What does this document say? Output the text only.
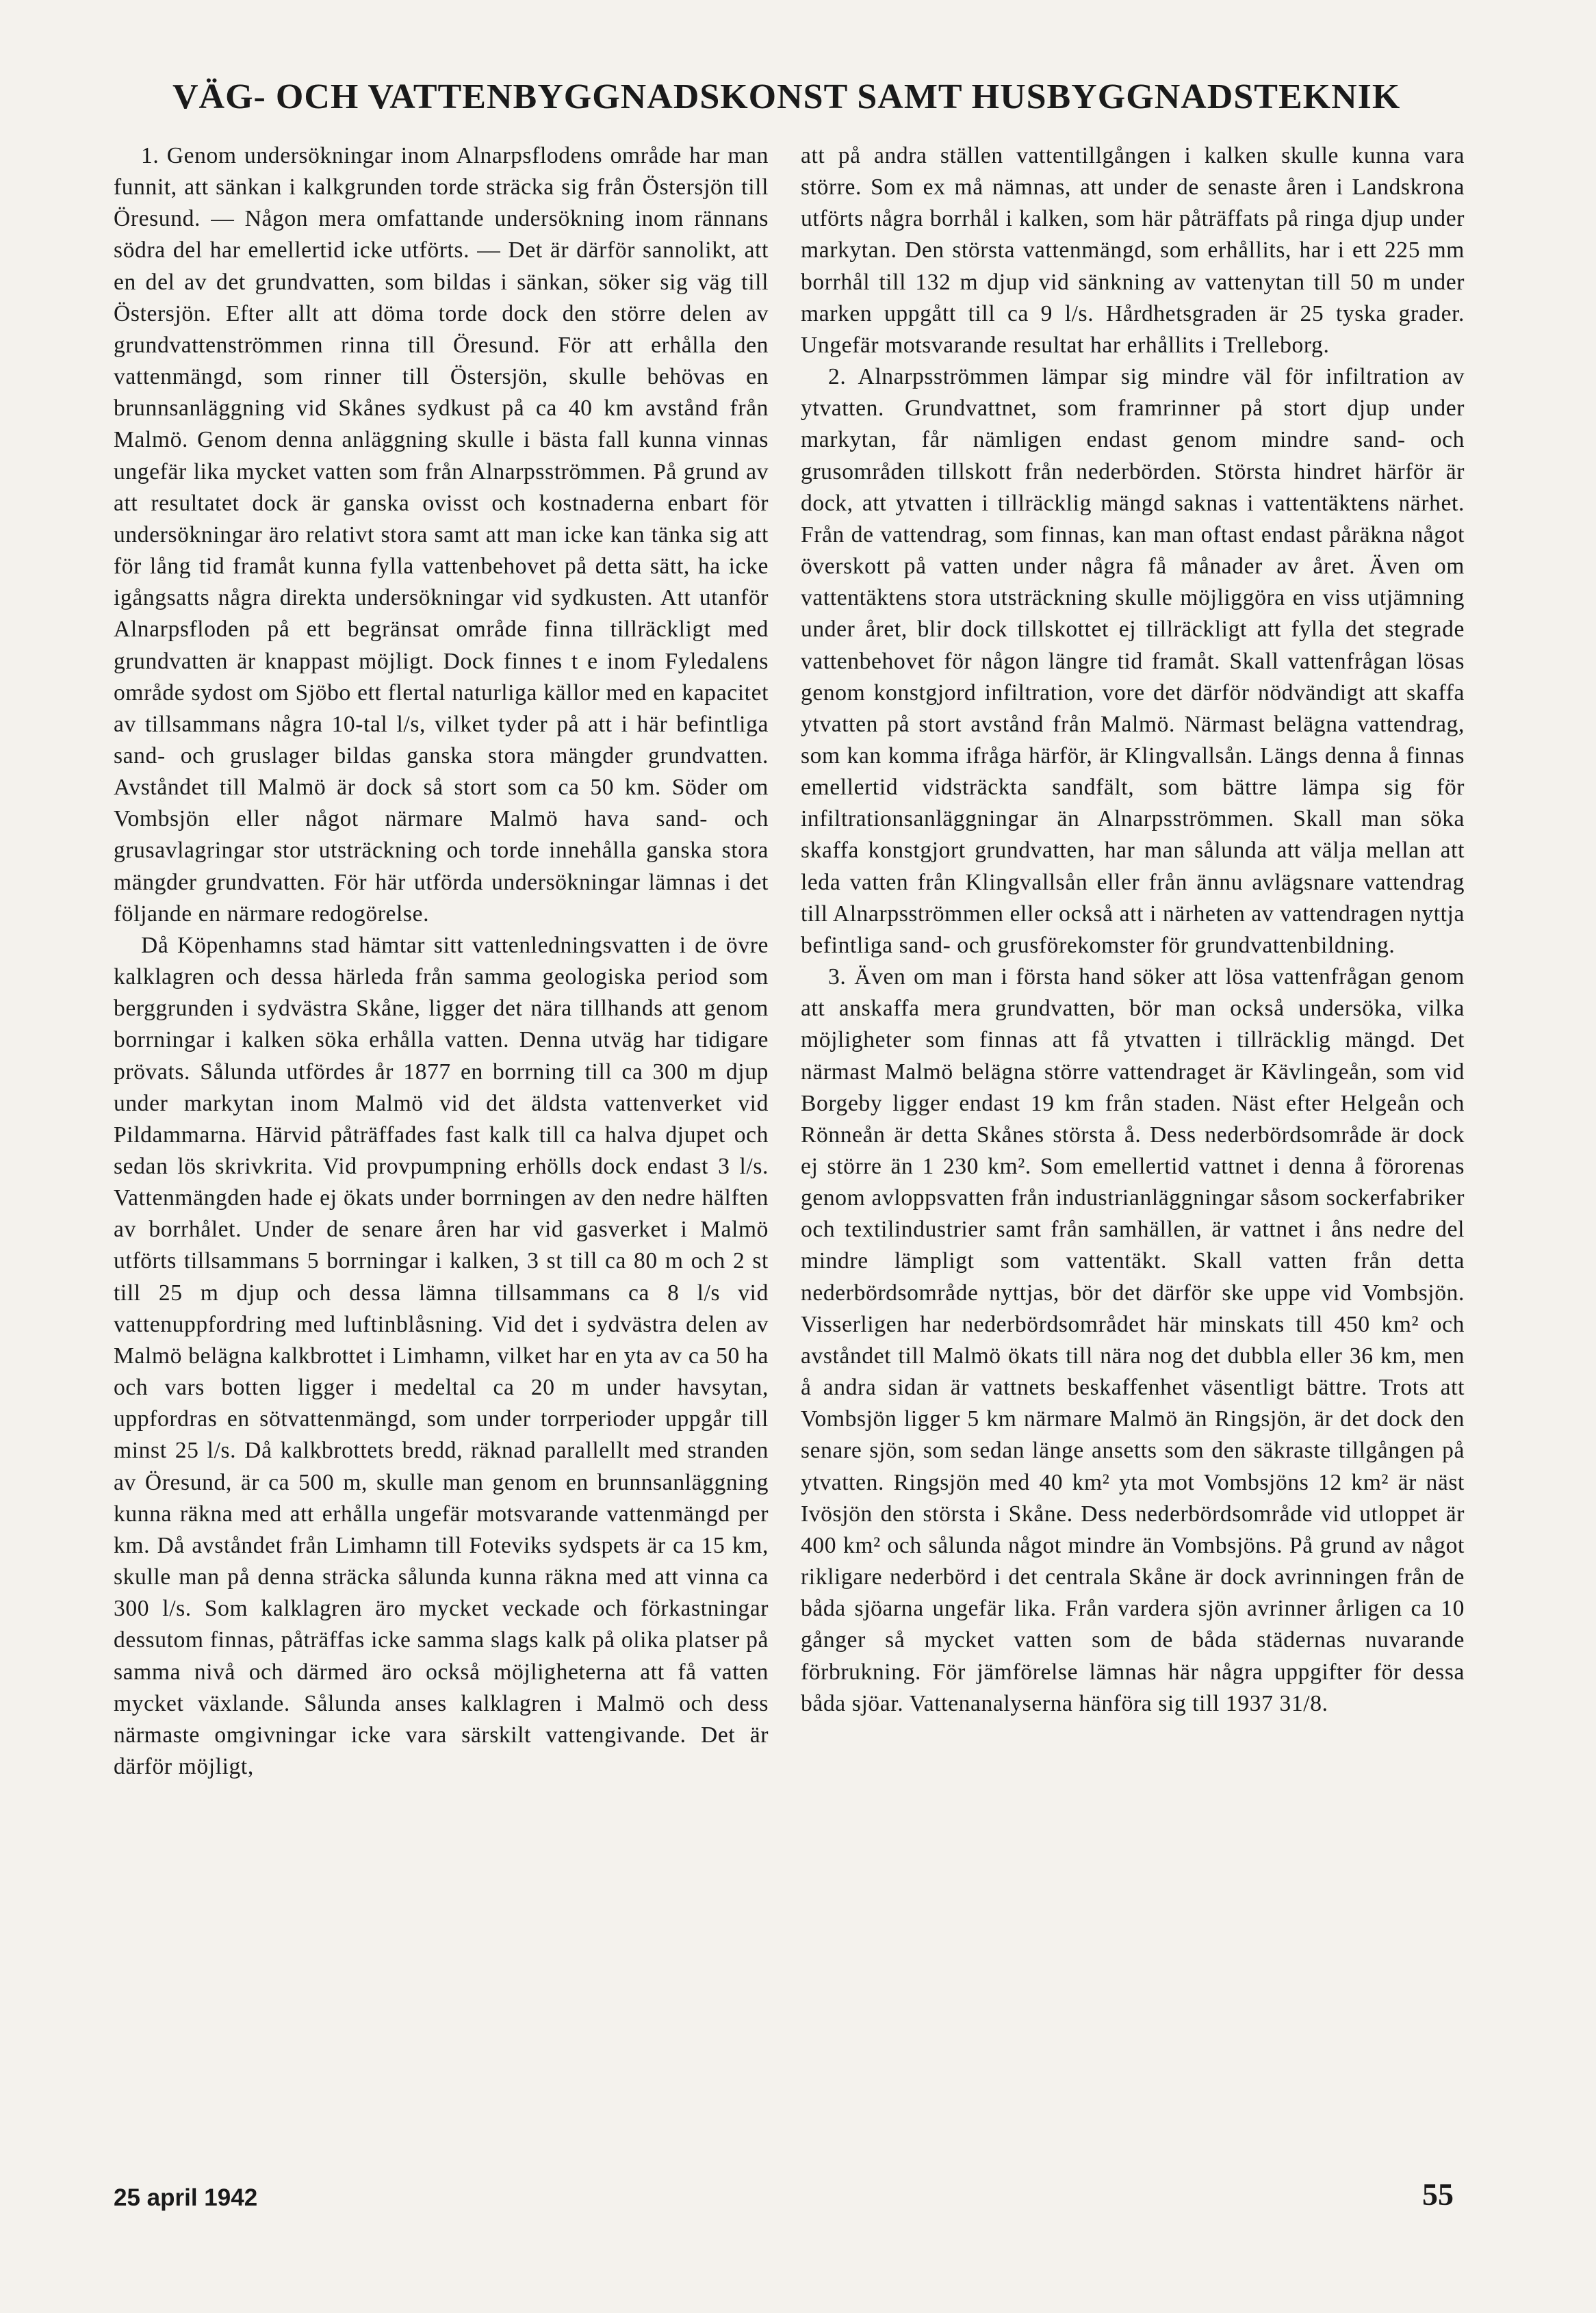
VÄG- OCH VATTENBYGGNADSKONST SAMT HUSBYGGNADSTEKNIK

1. Genom undersökningar inom Alnarpsflodens område har man funnit, att sänkan i kalkgrunden torde sträcka sig från Östersjön till Öresund. — Någon mera omfattande undersökning inom rännans södra del har emellertid icke utförts. — Det är därför sannolikt, att en del av det grundvatten, som bildas i sänkan, söker sig väg till Östersjön. Efter allt att döma torde dock den större delen av grundvattenströmmen rinna till Öresund. För att erhålla den vattenmängd, som rinner till Östersjön, skulle behövas en brunnsanläggning vid Skånes sydkust på ca 40 km avstånd från Malmö. Genom denna anläggning skulle i bästa fall kunna vinnas ungefär lika mycket vatten som från Alnarpsströmmen. På grund av att resultatet dock är ganska ovisst och kostnaderna enbart för undersökningar äro relativt stora samt att man icke kan tänka sig att för lång tid framåt kunna fylla vattenbehovet på detta sätt, ha icke igångsatts några direkta undersökningar vid sydkusten. Att utanför Alnarpsfloden på ett begränsat område finna tillräckligt med grundvatten är knappast möjligt. Dock finnes t e inom Fyledalens område sydost om Sjöbo ett flertal naturliga källor med en kapacitet av tillsammans några 10-tal l/s, vilket tyder på att i här befintliga sand- och gruslager bildas ganska stora mängder grundvatten. Avståndet till Malmö är dock så stort som ca 50 km. Söder om Vombsjön eller något närmare Malmö hava sand- och grusavlagringar stor utsträckning och torde innehålla ganska stora mängder grundvatten. För här utförda undersökningar lämnas i det följande en närmare redogörelse.

Då Köpenhamns stad hämtar sitt vattenledningsvatten i de övre kalklagren och dessa härleda från samma geologiska period som berggrunden i sydvästra Skåne, ligger det nära tillhands att genom borrningar i kalken söka erhålla vatten. Denna utväg har tidigare prövats. Sålunda utfördes år 1877 en borrning till ca 300 m djup under markytan inom Malmö vid det äldsta vattenverket vid Pildammarna. Härvid påträffades fast kalk till ca halva djupet och sedan lös skrivkrita. Vid provpumpning erhölls dock endast 3 l/s. Vattenmängden hade ej ökats under borrningen av den nedre hälften av borrhålet. Under de senare åren har vid gasverket i Malmö utförts tillsammans 5 borrningar i kalken, 3 st till ca 80 m och 2 st till 25 m djup och dessa lämna tillsammans ca 8 l/s vid vattenuppfordring med luftinblåsning. Vid det i sydvästra delen av Malmö belägna kalkbrottet i Limhamn, vilket har en yta av ca 50 ha och vars botten ligger i medeltal ca 20 m under havsytan, uppfordras en sötvattenmängd, som under torrperioder uppgår till minst 25 l/s. Då kalkbrottets bredd, räknad parallellt med stranden av Öresund, är ca 500 m, skulle man genom en brunnsanläggning kunna räkna med att erhålla ungefär motsvarande vattenmängd per km. Då avståndet från Limhamn till Foteviks sydspets är ca 15 km, skulle man på denna sträcka sålunda kunna räkna med att vinna ca 300 l/s. Som kalklagren äro mycket veckade och förkastningar dessutom finnas, påträffas icke samma slags kalk på olika platser på samma nivå och därmed äro också möjligheterna att få vatten mycket växlande. Sålunda anses kalklagren i Malmö och dess närmaste omgivningar icke vara särskilt vattengivande. Det är därför möjligt,

att på andra ställen vattentillgången i kalken skulle kunna vara större. Som ex må nämnas, att under de senaste åren i Landskrona utförts några borrhål i kalken, som här påträffats på ringa djup under markytan. Den största vattenmängd, som erhållits, har i ett 225 mm borrhål till 132 m djup vid sänkning av vattenytan till 50 m under marken uppgått till ca 9 l/s. Hårdhetsgraden är 25 tyska grader. Ungefär motsvarande resultat har erhållits i Trelleborg.

2. Alnarpsströmmen lämpar sig mindre väl för infiltration av ytvatten. Grundvattnet, som framrinner på stort djup under markytan, får nämligen endast genom mindre sand- och grusområden tillskott från nederbörden. Största hindret härför är dock, att ytvatten i tillräcklig mängd saknas i vattentäktens närhet. Från de vattendrag, som finnas, kan man oftast endast påräkna något överskott på vatten under några få månader av året. Även om vattentäktens stora utsträckning skulle möjliggöra en viss utjämning under året, blir dock tillskottet ej tillräckligt att fylla det stegrade vattenbehovet för någon längre tid framåt. Skall vattenfrågan lösas genom konstgjord infiltration, vore det därför nödvändigt att skaffa ytvatten på stort avstånd från Malmö. Närmast belägna vattendrag, som kan komma ifråga härför, är Klingvallsån. Längs denna å finnas emellertid vidsträckta sandfält, som bättre lämpa sig för infiltrationsanläggningar än Alnarpsströmmen. Skall man söka skaffa konstgjort grundvatten, har man sålunda att välja mellan att leda vatten från Klingvallsån eller från ännu avlägsnare vattendrag till Alnarpsströmmen eller också att i närheten av vattendragen nyttja befintliga sand- och grusförekomster för grundvattenbildning.

3. Även om man i första hand söker att lösa vattenfrågan genom att anskaffa mera grundvatten, bör man också undersöka, vilka möjligheter som finnas att få ytvatten i tillräcklig mängd. Det närmast Malmö belägna större vattendraget är Kävlingeån, som vid Borgeby ligger endast 19 km från staden. Näst efter Helgeån och Rönneån är detta Skånes största å. Dess nederbördsområde är dock ej större än 1 230 km². Som emellertid vattnet i denna å förorenas genom avloppsvatten från industrianläggningar såsom sockerfabriker och textilindustrier samt från samhällen, är vattnet i åns nedre del mindre lämpligt som vattentäkt. Skall vatten från detta nederbördsområde nyttjas, bör det därför ske uppe vid Vombsjön. Visserligen har nederbördsområdet här minskats till 450 km² och avståndet till Malmö ökats till nära nog det dubbla eller 36 km, men å andra sidan är vattnets beskaffenhet väsentligt bättre. Trots att Vombsjön ligger 5 km närmare Malmö än Ringsjön, är det dock den senare sjön, som sedan länge ansetts som den säkraste tillgången på ytvatten. Ringsjön med 40 km² yta mot Vombsjöns 12 km² är näst Ivösjön den största i Skåne. Dess nederbördsområde vid utloppet är 400 km² och sålunda något mindre än Vombsjöns. På grund av något rikligare nederbörd i det centrala Skåne är dock avrinningen från de båda sjöarna ungefär lika. Från vardera sjön avrinner årligen ca 10 gånger så mycket vatten som de båda städernas nuvarande förbrukning. För jämförelse lämnas här några uppgifter för dessa båda sjöar. Vattenanalyserna hänföra sig till 1937 31/8.

25 april 1942	55
